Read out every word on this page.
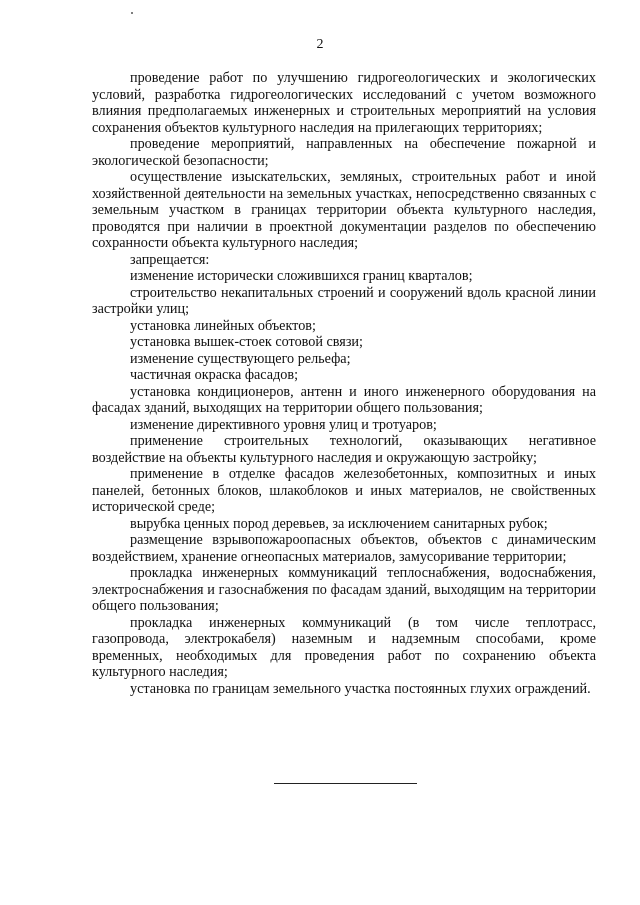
2

проведение работ по улучшению гидрогеологических и экологических условий, разработка гидрогеологических исследований с учетом возможного влияния предполагаемых инженерных и строительных мероприятий на условия сохранения объектов культурного наследия на прилегающих территориях;

проведение мероприятий, направленных на обеспечение пожарной и экологической безопасности;

осуществление изыскательских, земляных, строительных работ и иной хозяйственной деятельности на земельных участках, непосредственно связанных с земельным участком в границах территории объекта культурного наследия, проводятся при наличии в проектной документации разделов по обеспечению сохранности объекта культурного наследия;

запрещается:

изменение исторически сложившихся границ кварталов;

строительство некапитальных строений и сооружений вдоль красной линии застройки улиц;

установка линейных объектов;

установка вышек-стоек сотовой связи;

изменение существующего рельефа;

частичная окраска фасадов;

установка кондиционеров, антенн и иного инженерного оборудования на фасадах зданий, выходящих на территории общего пользования;

изменение директивного уровня улиц и тротуаров;

применение строительных технологий, оказывающих негативное воздействие на объекты культурного наследия и окружающую застройку;

применение в отделке фасадов железобетонных, композитных и иных панелей, бетонных блоков, шлакоблоков и иных материалов, не свойственных исторической среде;

вырубка ценных пород деревьев, за исключением санитарных рубок;

размещение взрывопожароопасных объектов, объектов с динамическим воздействием, хранение огнеопасных материалов, замусоривание территории;

прокладка инженерных коммуникаций теплоснабжения, водоснабжения, электроснабжения и газоснабжения по фасадам зданий, выходящим на территории общего пользования;

прокладка инженерных коммуникаций (в том числе теплотрасс, газопровода, электрокабеля) наземным и надземным способами, кроме временных, необходимых для проведения работ по сохранению объекта культурного наследия;

установка по границам земельного участка постоянных глухих ограждений.
